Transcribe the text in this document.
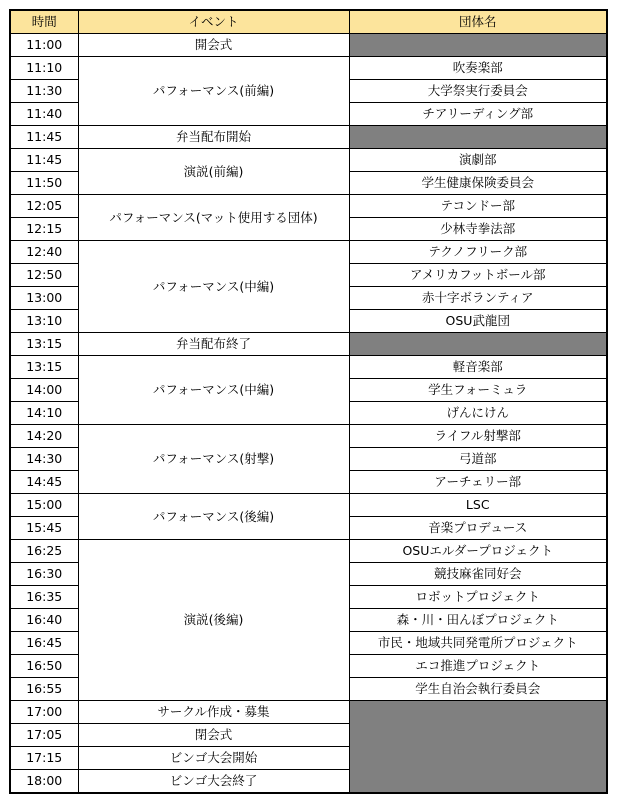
時間	イベント	団体名
11:00	開会式	
11:10	パフォーマンス(前編)	吹奏楽部
11:30		大学祭実行委員会
11:40		チアリーディング部
11:45	弁当配布開始	
11:45	演説(前編)	演劇部
11:50		学生健康保険委員会
12:05	パフォーマンス(マット使用する団体)	テコンドー部
12:15		少林寺拳法部
12:40	パフォーマンス(中編)	テクノフリーク部
12:50		アメリカフットボール部
13:00		赤十字ボランティア
13:10		OSU武龍団
13:15	弁当配布終了	
13:15	パフォーマンス(中編)	軽音楽部
14:00		学生フォーミュラ
14:10		げんにけん
14:20	パフォーマンス(射撃)	ライフル射撃部
14:30		弓道部
14:45		アーチェリー部
15:00	パフォーマンス(後編)	LSC
15:45		音楽プロデュース
16:25	演説(後編)	OSUエルダープロジェクト
16:30		競技麻雀同好会
16:35		ロボットプロジェクト
16:40		森・川・田んぼプロジェクト
16:45		市民・地域共同発電所プロジェクト
16:50		エコ推進プロジェクト
16:55		学生自治会執行委員会
17:00	サークル作成・募集	
17:05	閉会式	
17:15	ビンゴ大会開始	
18:00	ビンゴ大会終了	
